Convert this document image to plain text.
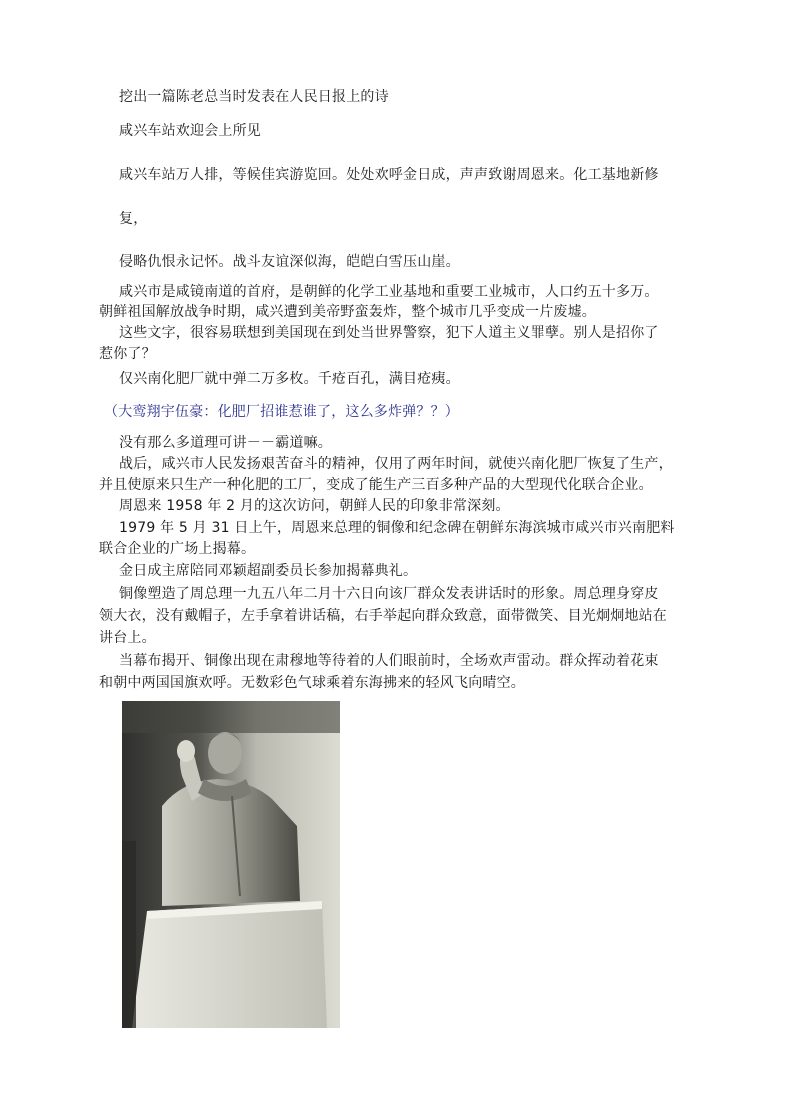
挖出一篇陈老总当时发表在人民日报上的诗
咸兴车站欢迎会上所见
咸兴车站万人排，等候佳宾游览回。处处欢呼金日成，声声致谢周恩来。化工基地新修
复，
侵略仇恨永记怀。战斗友谊深似海，皑皑白雪压山崖。
咸兴市是咸镜南道的首府，是朝鲜的化学工业基地和重要工业城市，人口约五十多万。
朝鲜祖国解放战争时期，咸兴遭到美帝野蛮轰炸，整个城市几乎变成一片废墟。
这些文字，很容易联想到美国现在到处当世界警察，犯下人道主义罪孽。别人是招你了
惹你了？
仅兴南化肥厂就中弹二万多枚。千疮百孔，满目疮痍。
（大鸾翔宇伍豪：化肥厂招谁惹谁了，这么多炸弹？？）
没有那么多道理可讲－－霸道嘛。
战后，咸兴市人民发扬艰苦奋斗的精神，仅用了两年时间，就使兴南化肥厂恢复了生产，
并且使原来只生产一种化肥的工厂，变成了能生产三百多种产品的大型现代化联合企业。
周恩来 1958 年 2 月的这次访问，朝鲜人民的印象非常深刻。
1979 年 5 月 31 日上午，周恩来总理的铜像和纪念碑在朝鲜东海滨城市咸兴市兴南肥料
联合企业的广场上揭幕。
金日成主席陪同邓颖超副委员长参加揭幕典礼。
铜像塑造了周总理一九五八年二月十六日向该厂群众发表讲话时的形象。周总理身穿皮
领大衣，没有戴帽子，左手拿着讲话稿，右手举起向群众致意，面带微笑、目光炯炯地站在
讲台上。
当幕布揭开、铜像出现在肃穆地等待着的人们眼前时，全场欢声雷动。群众挥动着花束
和朝中两国国旗欢呼。无数彩色气球乘着东海拂来的轻风飞向晴空。
